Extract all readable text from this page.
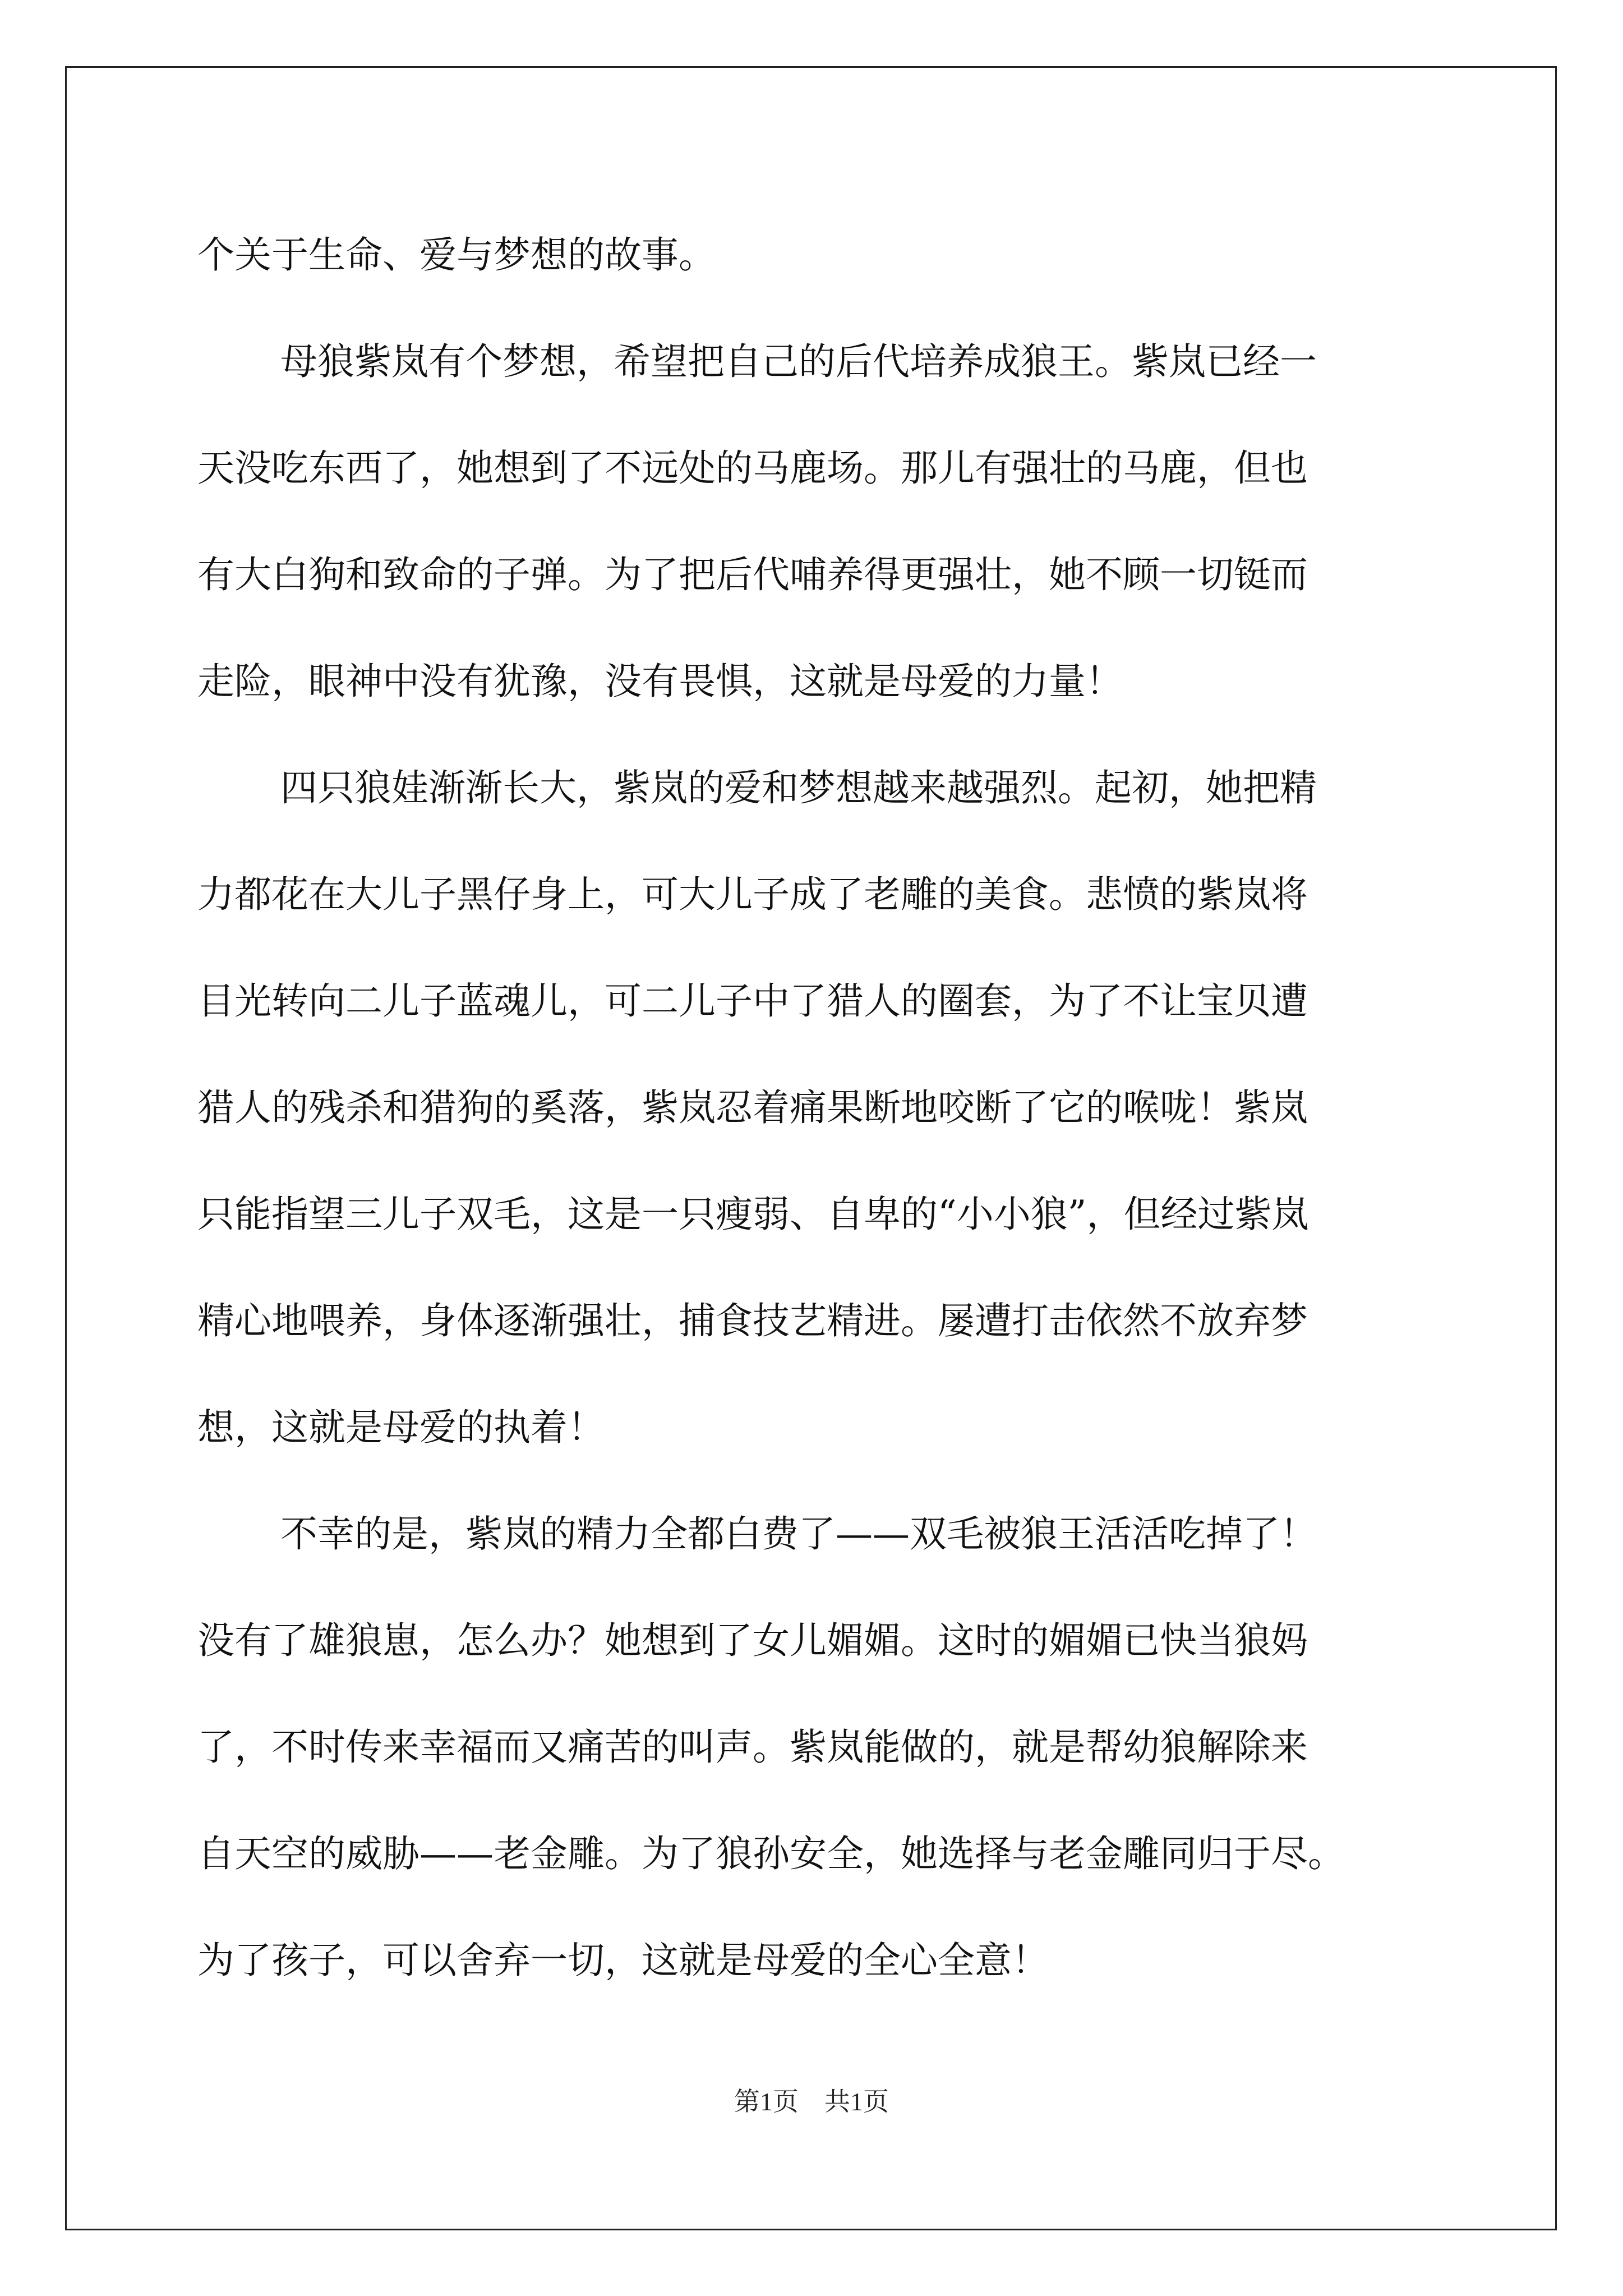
个关于生命、爱与梦想的故事。
母狼紫岚有个梦想，希望把自己的后代培养成狼王。紫岚已经一
天没吃东西了，她想到了不远处的马鹿场。那儿有强壮的马鹿，但也
有大白狗和致命的子弹。为了把后代哺养得更强壮，她不顾一切铤而
走险，眼神中没有犹豫，没有畏惧，这就是母爱的力量！
四只狼娃渐渐长大，紫岚的爱和梦想越来越强烈。起初，她把精
力都花在大儿子黑仔身上，可大儿子成了老雕的美食。悲愤的紫岚将
目光转向二儿子蓝魂儿，可二儿子中了猎人的圈套，为了不让宝贝遭
猎人的残杀和猎狗的奚落，紫岚忍着痛果断地咬断了它的喉咙！紫岚
只能指望三儿子双毛，这是一只瘦弱、自卑的“小小狼”，但经过紫岚
精心地喂养，身体逐渐强壮，捕食技艺精进。屡遭打击依然不放弃梦
想，这就是母爱的执着！
不幸的是，紫岚的精力全都白费了——双毛被狼王活活吃掉了！
没有了雄狼崽，怎么办？她想到了女儿媚媚。这时的媚媚已快当狼妈
了，不时传来幸福而又痛苦的叫声。紫岚能做的，就是帮幼狼解除来
自天空的威胁——老金雕。为了狼孙安全，她选择与老金雕同归于尽。
为了孩子，可以舍弃一切，这就是母爱的全心全意！
第1页　共1页
